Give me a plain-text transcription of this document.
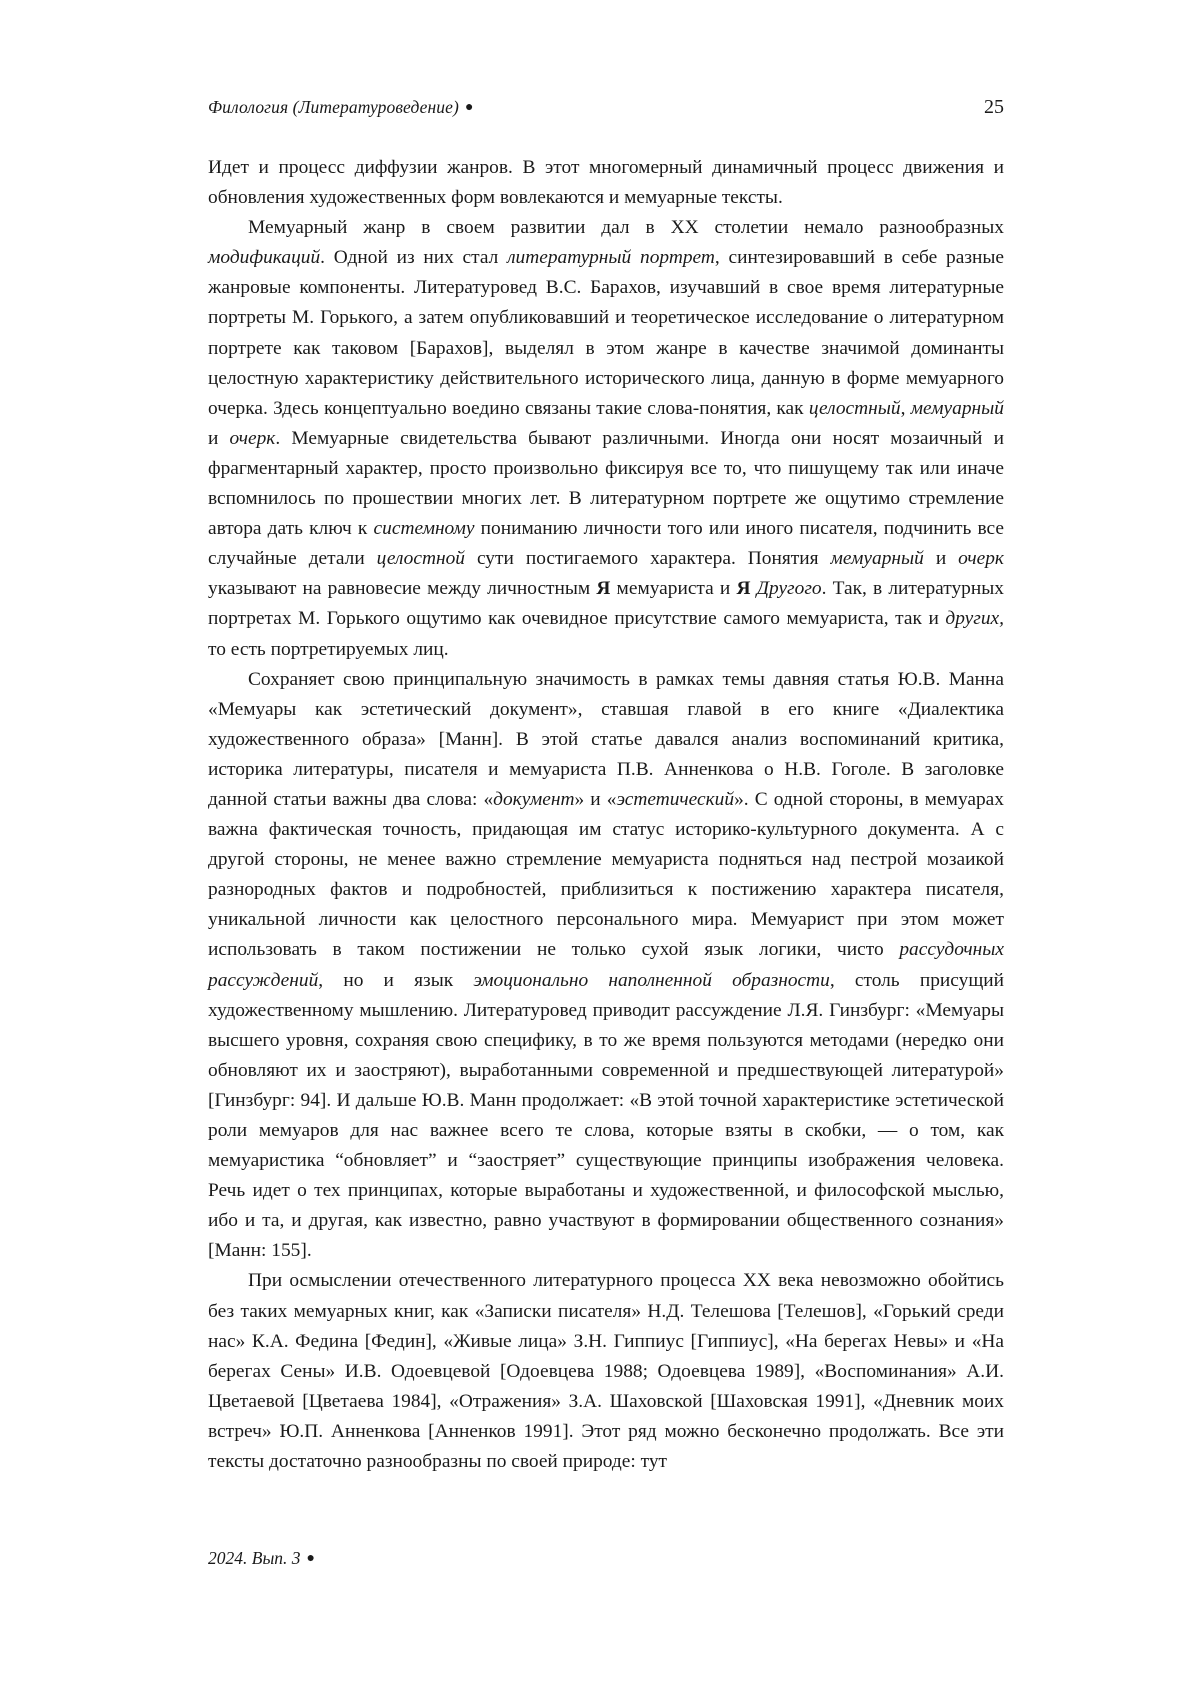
Филология (Литературоведение) ●	25

Идет и процесс диффузии жанров. В этот многомерный динамичный процесс движения и обновления художественных форм вовлекаются и мемуарные тексты.

Мемуарный жанр в своем развитии дал в XX столетии немало разнообразных модификаций. Одной из них стал литературный портрет, синтезировавший в себе разные жанровые компоненты. Литературовед В.С. Барахов, изучавший в свое время литературные портреты М. Горького, а затем опубликовавший и теоретическое исследование о литературном портрете как таковом [Барахов], выделял в этом жанре в качестве значимой доминанты целостную характеристику действительного исторического лица, данную в форме мемуарного очерка. Здесь концептуально воедино связаны такие слова-понятия, как целостный, мемуарный и очерк. Мемуарные свидетельства бывают различными. Иногда они носят мозаичный и фрагментарный характер, просто произвольно фиксируя все то, что пишущему так или иначе вспомнилось по прошествии многих лет. В литературном портрете же ощутимо стремление автора дать ключ к системному пониманию личности того или иного писателя, подчинить все случайные детали целостной сути постигаемого характера. Понятия мемуарный и очерк указывают на равновесие между личностным Я мемуариста и Я Другого. Так, в литературных портретах М. Горького ощутимо как очевидное присутствие самого мемуариста, так и других, то есть портретируемых лиц.

Сохраняет свою принципальную значимость в рамках темы давняя статья Ю.В. Манна «Мемуары как эстетический документ», ставшая главой в его книге «Диалектика художественного образа» [Манн]. В этой статье давался анализ воспоминаний критика, историка литературы, писателя и мемуариста П.В. Анненкова о Н.В. Гоголе. В заголовке данной статьи важны два слова: «документ» и «эстетический». С одной стороны, в мемуарах важна фактическая точность, придающая им статус историко-культурного документа. А с другой стороны, не менее важно стремление мемуариста подняться над пестрой мозаикой разнородных фактов и подробностей, приблизиться к постижению характера писателя, уникальной личности как целостного персонального мира. Мемуарист при этом может использовать в таком постижении не только сухой язык логики, чисто рассудочных рассуждений, но и язык эмоционально наполненной образности, столь присущий художественному мышлению. Литературовед приводит рассуждение Л.Я. Гинзбург: «Мемуары высшего уровня, сохраняя свою специфику, в то же время пользуются методами (нередко они обновляют их и заостряют), выработанными современной и предшествующей литературой» [Гинзбург: 94]. И дальше Ю.В. Манн продолжает: «В этой точной характеристике эстетической роли мемуаров для нас важнее всего те слова, которые взяты в скобки, — о том, как мемуаристика “обновляет” и “заостряет” существующие принципы изображения человека. Речь идет о тех принципах, которые выработаны и художественной, и философской мыслью, ибо и та, и другая, как известно, равно участвуют в формировании общественного сознания» [Манн: 155].

При осмыслении отечественного литературного процесса XX века невозможно обойтись без таких мемуарных книг, как «Записки писателя» Н.Д. Телешова [Телешов], «Горький среди нас» К.А. Федина [Федин], «Живые лица» З.Н. Гиппиус [Гиппиус], «На берегах Невы» и «На берегах Сены» И.В. Одоевцевой [Одоевцева 1988; Одоевцева 1989], «Воспоминания» А.И. Цветаевой [Цветаева 1984], «Отражения» З.А. Шаховской [Шаховская 1991], «Дневник моих встреч» Ю.П. Анненкова [Анненков 1991]. Этот ряд можно бесконечно продолжать. Все эти тексты достаточно разнообразны по своей природе: тут

2024. Вып. 3 ●
